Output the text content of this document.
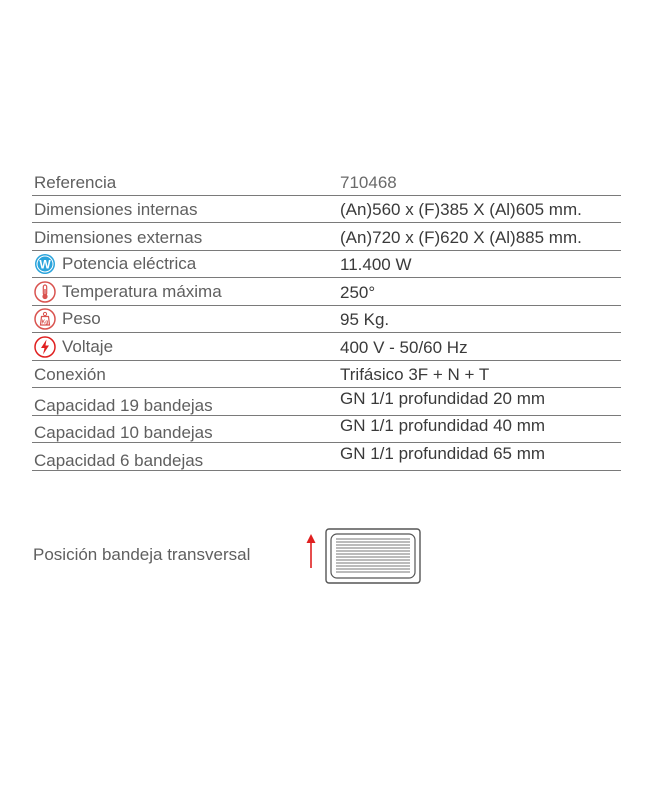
Referencia	710468
Dimensiones internas	(An)560 x (F)385 X (Al)605 mm.
Dimensiones externas	(An)720 x (F)620 X (Al)885 mm.
W Potencia eléctrica	11.400 W
Temperatura máxima	250°
Kg Peso	95 Kg.
Voltaje	400 V - 50/60 Hz
Conexión	Trifásico 3F + N + T
Capacidad 19 bandejas	GN 1/1 profundidad 20 mm
Capacidad 10 bandejas	GN 1/1 profundidad 40 mm
Capacidad 6 bandejas	GN 1/1 profundidad 65 mm
Posición bandeja transversal
